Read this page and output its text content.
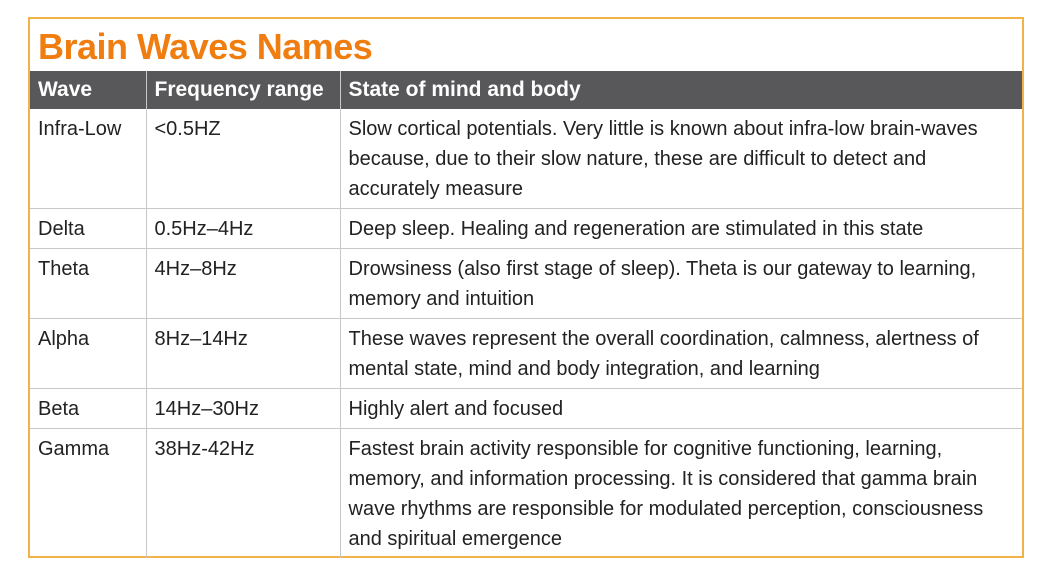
Brain Waves Names
Wave	Frequency range	State of mind and body
Infra-Low	<0.5HZ	Slow cortical potentials. Very little is known about infra-low brain-waves because, due to their slow nature, these are difficult to detect and accurately measure
Delta	0.5Hz–4Hz	Deep sleep. Healing and regeneration are stimulated in this state
Theta	4Hz–8Hz	Drowsiness (also first stage of sleep). Theta is our gateway to learning, memory and intuition
Alpha	8Hz–14Hz	These waves represent the overall coordination, calmness, alertness of mental state, mind and body integration, and learning
Beta	14Hz–30Hz	Highly alert and focused
Gamma	38Hz-42Hz	Fastest brain activity responsible for cognitive functioning, learning, memory, and information processing. It is considered that gamma brain wave rhythms are responsible for modulated perception, consciousness and spiritual emergence
